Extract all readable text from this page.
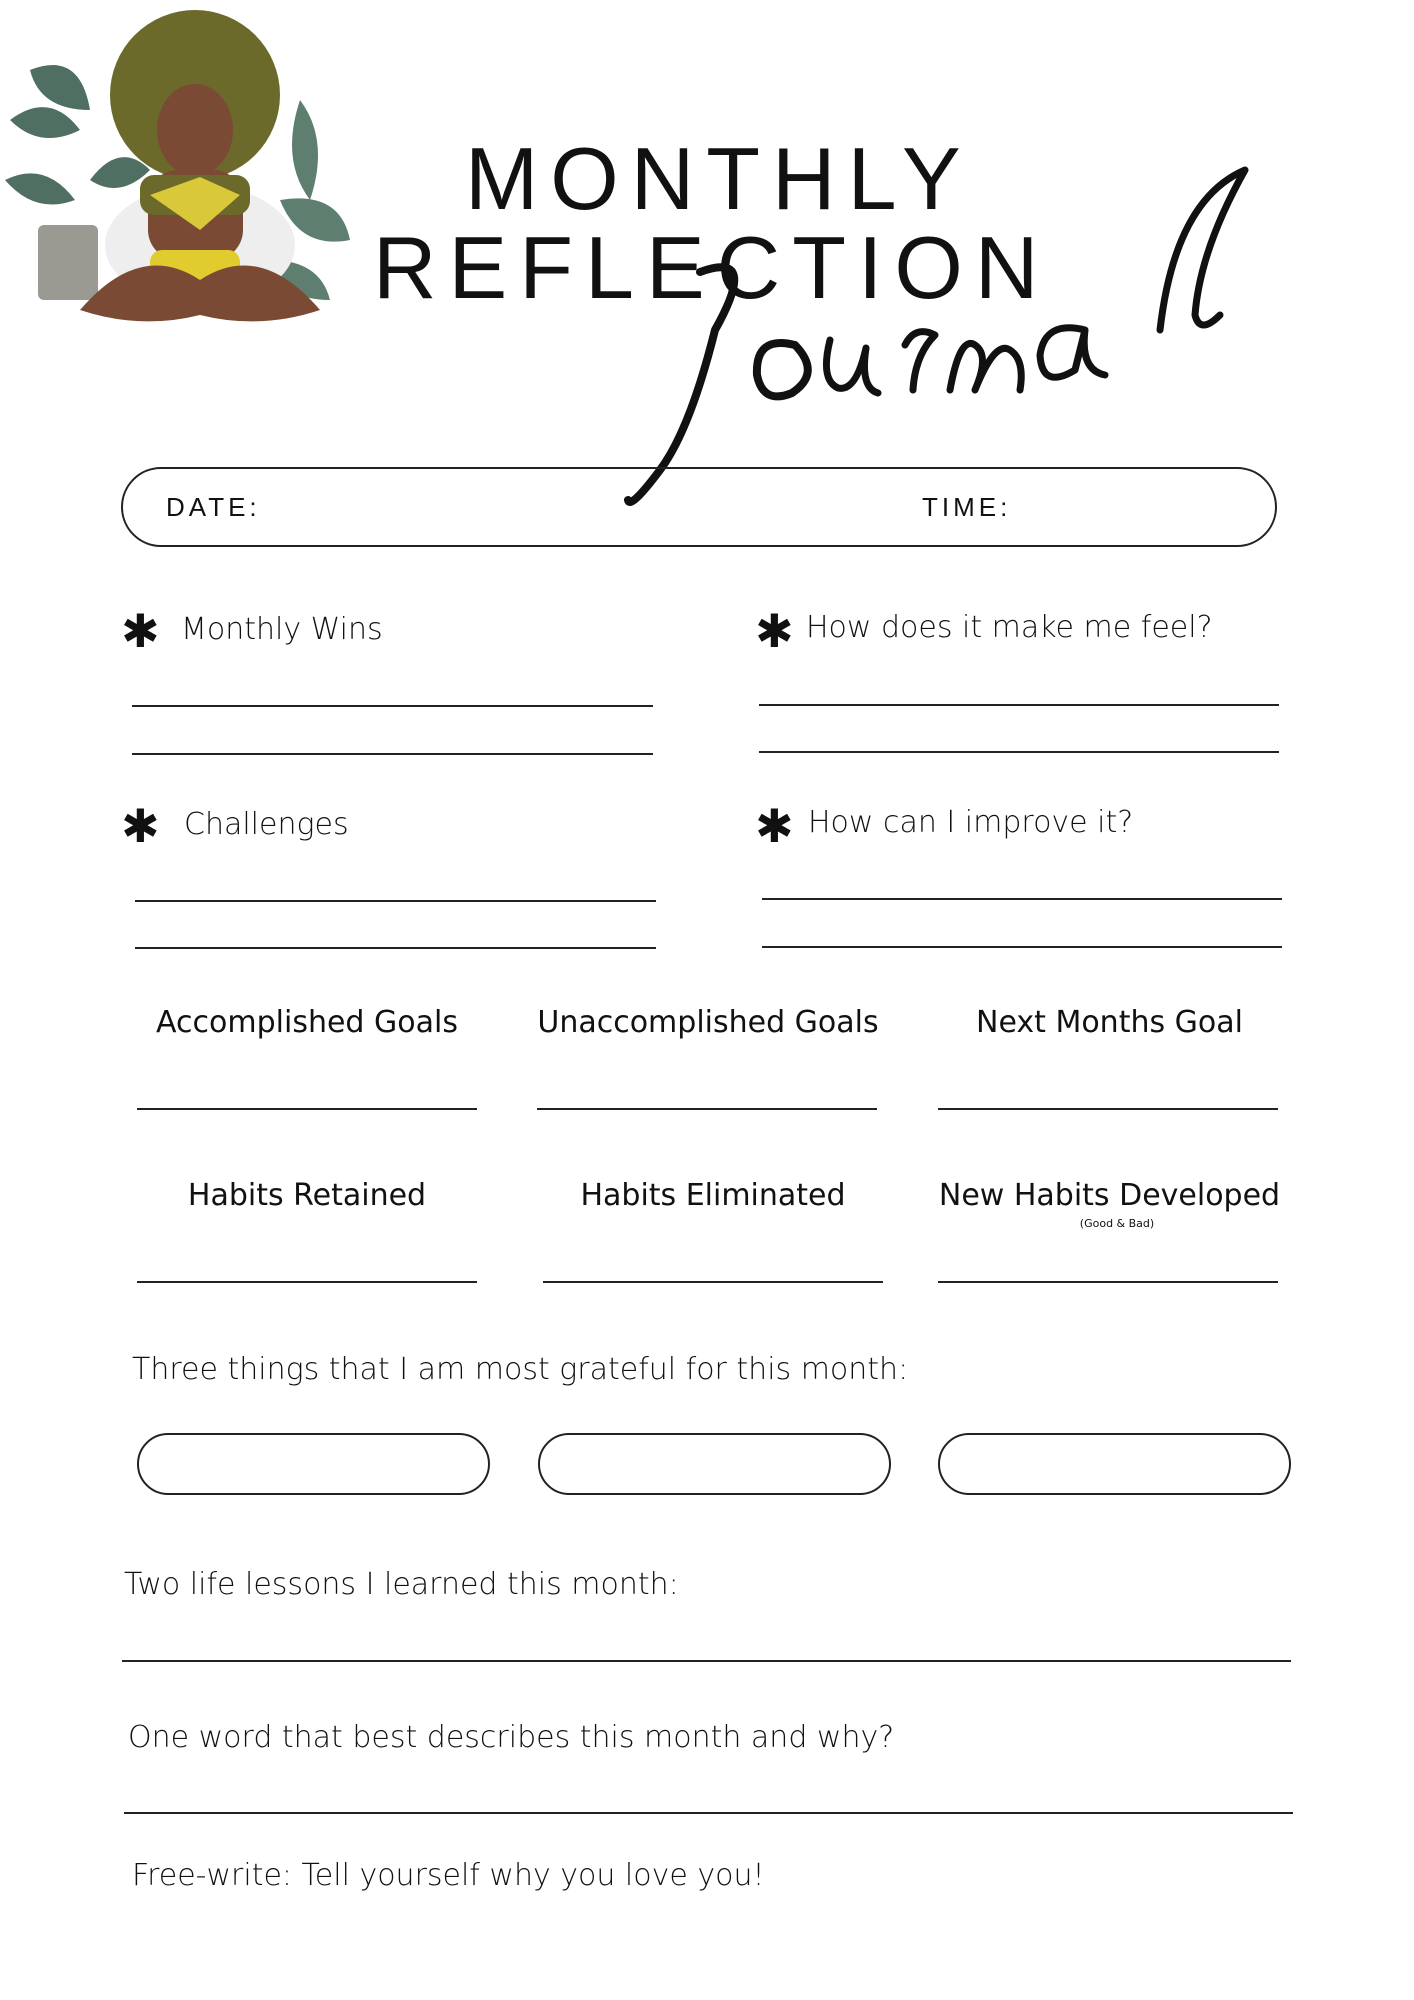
MONTHLY
REFLECTION
Journal
DATE:	TIME:
✱ Monthly Wins	✱ How does it make me feel?
✱ Challenges	✱ How can I improve it?
Accomplished Goals	Unaccomplished Goals	Next Months Goal
Habits Retained	Habits Eliminated	New Habits Developed
(Good & Bad)
Three things that I am most grateful for this month:
Two life lessons I learned this month:
One word that best describes this month and why?
Free-write: Tell yourself why you love you!
